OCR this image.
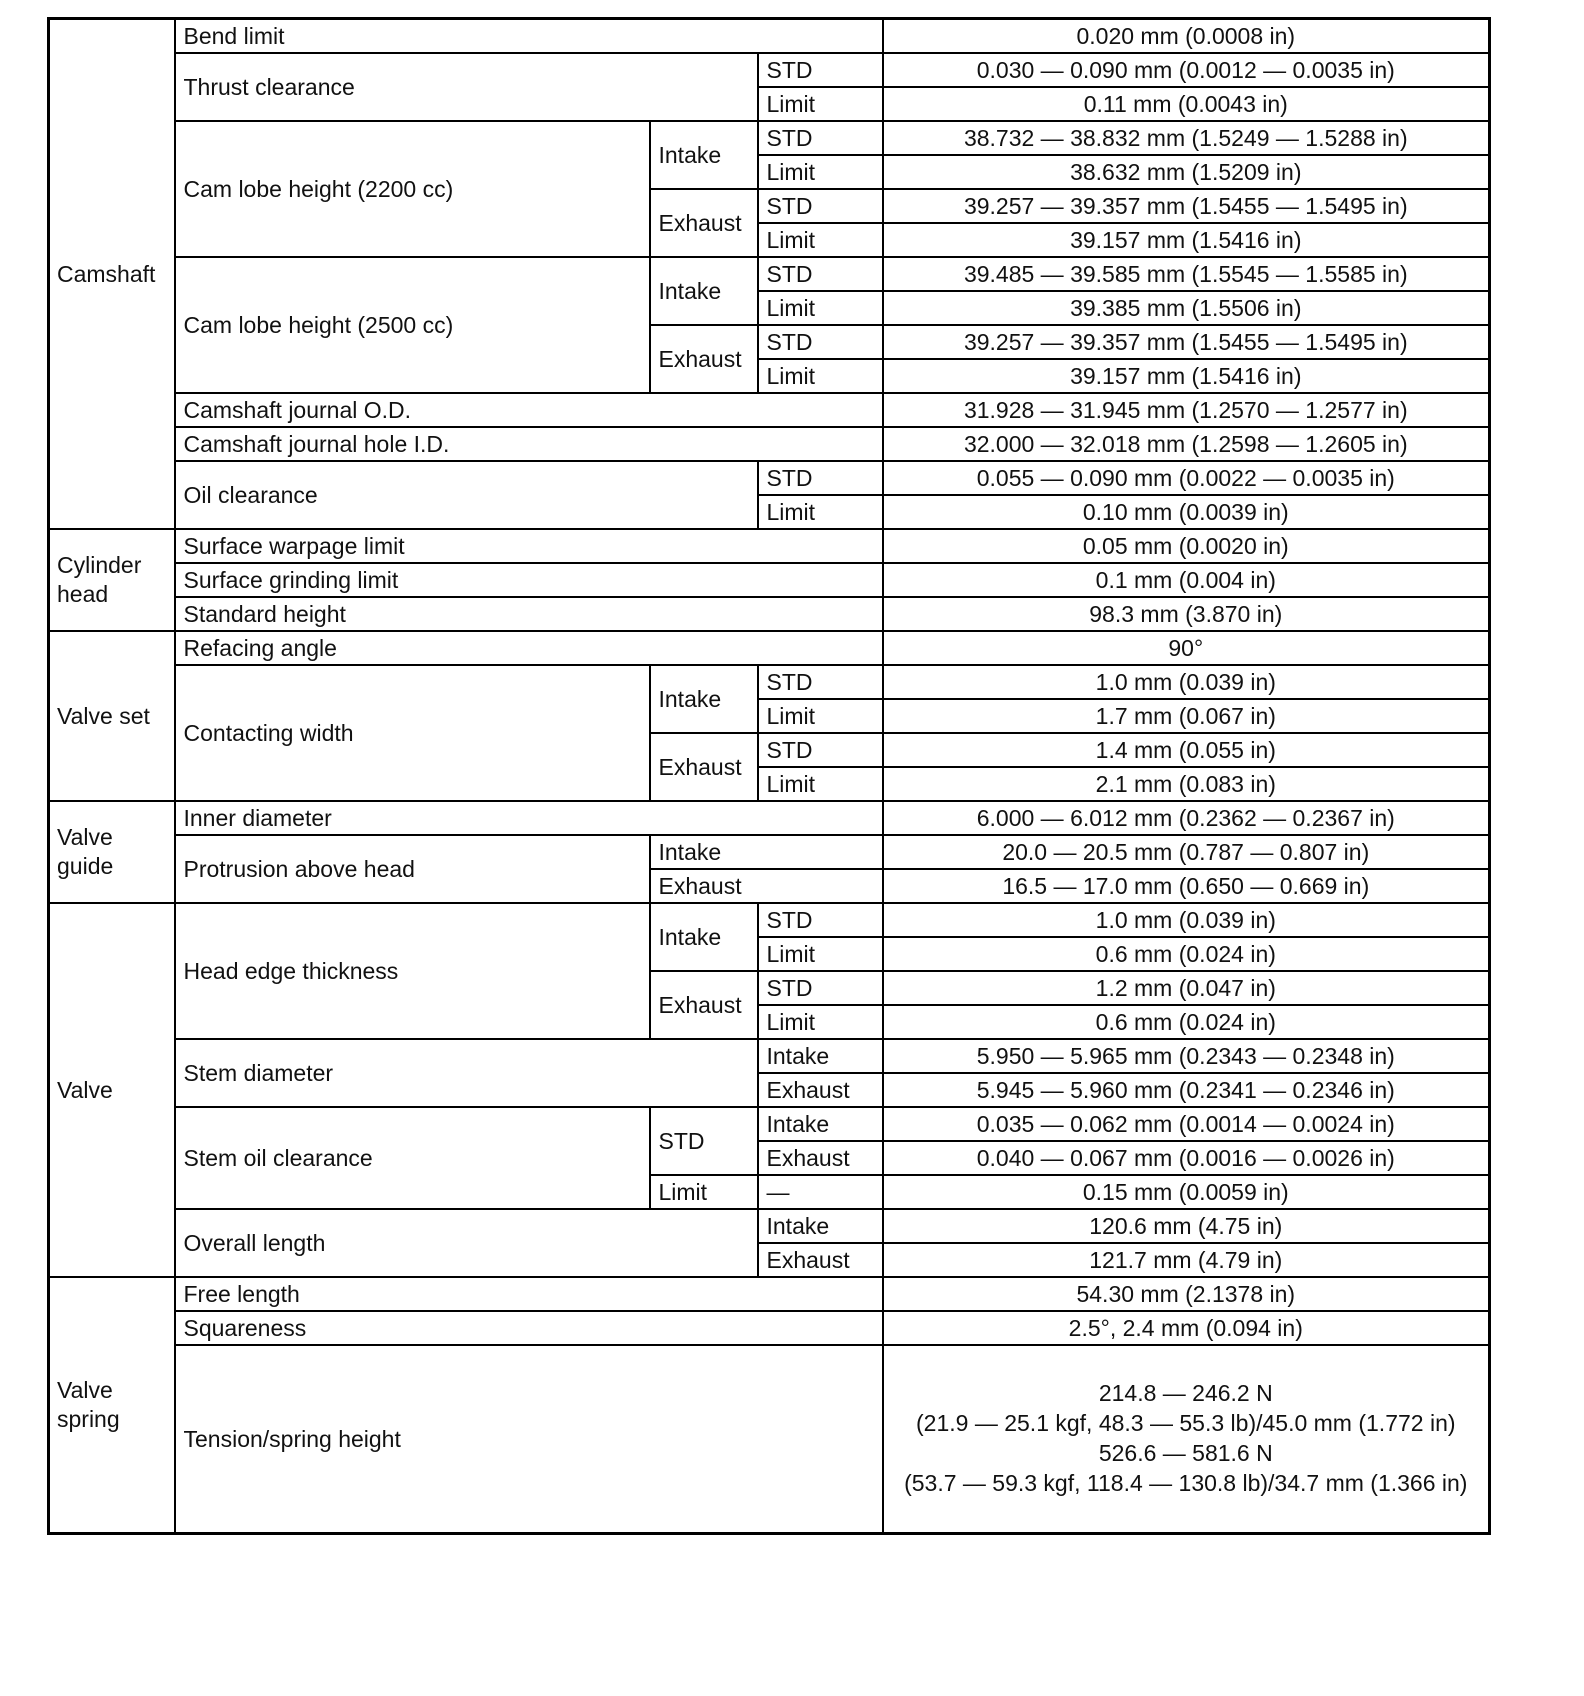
Camshaft	Bend limit			0.020 mm (0.0008 in)
	Thrust clearance		STD	0.030 — 0.090 mm (0.0012 — 0.0035 in)
			Limit	0.11 mm (0.0043 in)
	Cam lobe height (2200 cc)	Intake	STD	38.732 — 38.832 mm (1.5249 — 1.5288 in)
			Limit	38.632 mm (1.5209 in)
		Exhaust	STD	39.257 — 39.357 mm (1.5455 — 1.5495 in)
			Limit	39.157 mm (1.5416 in)
	Cam lobe height (2500 cc)	Intake	STD	39.485 — 39.585 mm (1.5545 — 1.5585 in)
			Limit	39.385 mm (1.5506 in)
		Exhaust	STD	39.257 — 39.357 mm (1.5455 — 1.5495 in)
			Limit	39.157 mm (1.5416 in)
	Camshaft journal O.D.			31.928 — 31.945 mm (1.2570 — 1.2577 in)
	Camshaft journal hole I.D.			32.000 — 32.018 mm (1.2598 — 1.2605 in)
	Oil clearance		STD	0.055 — 0.090 mm (0.0022 — 0.0035 in)
			Limit	0.10 mm (0.0039 in)
Cylinder head	Surface warpage limit			0.05 mm (0.0020 in)
	Surface grinding limit			0.1 mm (0.004 in)
	Standard height			98.3 mm (3.870 in)
Valve set	Refacing angle			90°
	Contacting width	Intake	STD	1.0 mm (0.039 in)
			Limit	1.7 mm (0.067 in)
		Exhaust	STD	1.4 mm (0.055 in)
			Limit	2.1 mm (0.083 in)
Valve guide	Inner diameter			6.000 — 6.012 mm (0.2362 — 0.2367 in)
	Protrusion above head	Intake		20.0 — 20.5 mm (0.787 — 0.807 in)
		Exhaust		16.5 — 17.0 mm (0.650 — 0.669 in)
Valve	Head edge thickness	Intake	STD	1.0 mm (0.039 in)
			Limit	0.6 mm (0.024 in)
		Exhaust	STD	1.2 mm (0.047 in)
			Limit	0.6 mm (0.024 in)
	Stem diameter		Intake	5.950 — 5.965 mm (0.2343 — 0.2348 in)
			Exhaust	5.945 — 5.960 mm (0.2341 — 0.2346 in)
	Stem oil clearance	STD	Intake	0.035 — 0.062 mm (0.0014 — 0.0024 in)
			Exhaust	0.040 — 0.067 mm (0.0016 — 0.0026 in)
		Limit	—	0.15 mm (0.0059 in)
	Overall length		Intake	120.6 mm (4.75 in)
			Exhaust	121.7 mm (4.79 in)
Valve spring	Free length			54.30 mm (2.1378 in)
	Squareness			2.5°, 2.4 mm (0.094 in)
	Tension/spring height			214.8 — 246.2 N
(21.9 — 25.1 kgf, 48.3 — 55.3 lb)/45.0 mm (1.772 in)
526.6 — 581.6 N
(53.7 — 59.3 kgf, 118.4 — 130.8 lb)/34.7 mm (1.366 in)
